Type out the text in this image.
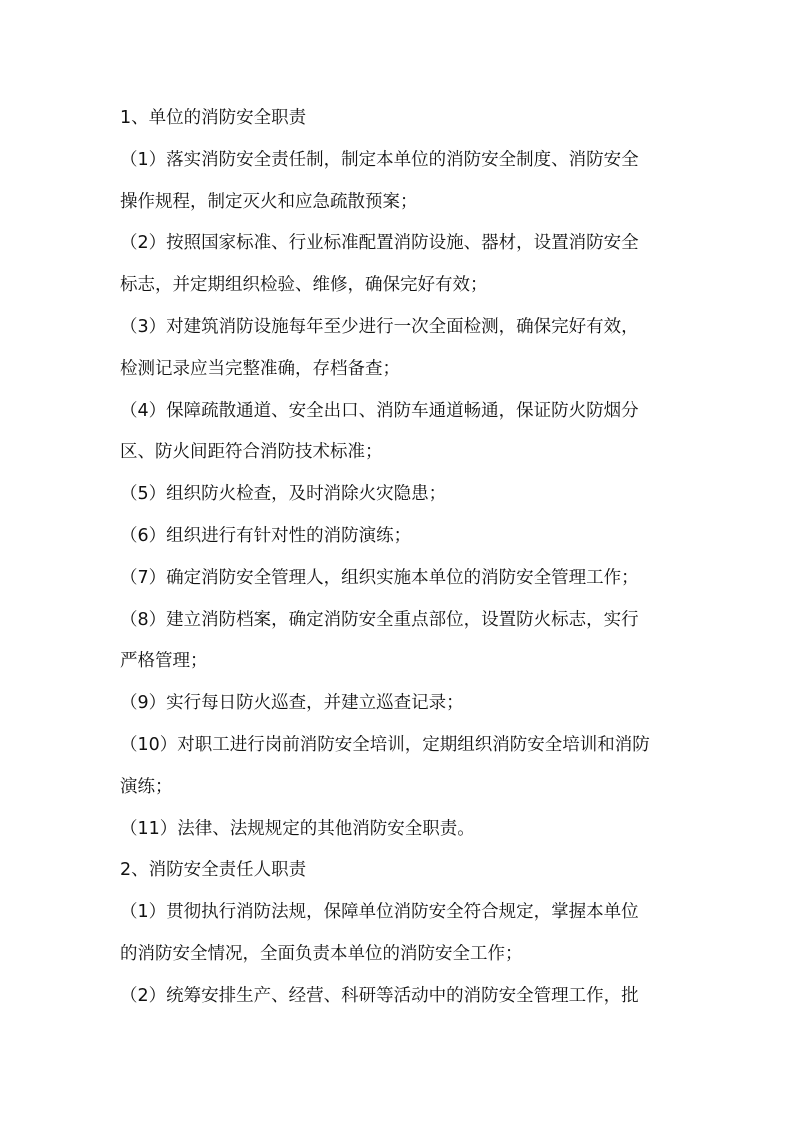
1、单位的消防安全职责
（1）落实消防安全责任制，制定本单位的消防安全制度、消防安全
操作规程，制定灭火和应急疏散预案；
（2）按照国家标准、行业标准配置消防设施、器材，设置消防安全
标志，并定期组织检验、维修，确保完好有效；
（3）对建筑消防设施每年至少进行一次全面检测，确保完好有效，
检测记录应当完整准确，存档备查；
（4）保障疏散通道、安全出口、消防车通道畅通，保证防火防烟分
区、防火间距符合消防技术标准；
（5）组织防火检查，及时消除火灾隐患；
（6）组织进行有针对性的消防演练；
（7）确定消防安全管理人，组织实施本单位的消防安全管理工作；
（8）建立消防档案，确定消防安全重点部位，设置防火标志，实行
严格管理；
（9）实行每日防火巡查，并建立巡查记录；
（10）对职工进行岗前消防安全培训，定期组织消防安全培训和消防
演练；
（11）法律、法规规定的其他消防安全职责。
2、消防安全责任人职责
（1）贯彻执行消防法规，保障单位消防安全符合规定，掌握本单位
的消防安全情况，全面负责本单位的消防安全工作；
（2）统筹安排生产、经营、科研等活动中的消防安全管理工作，批
